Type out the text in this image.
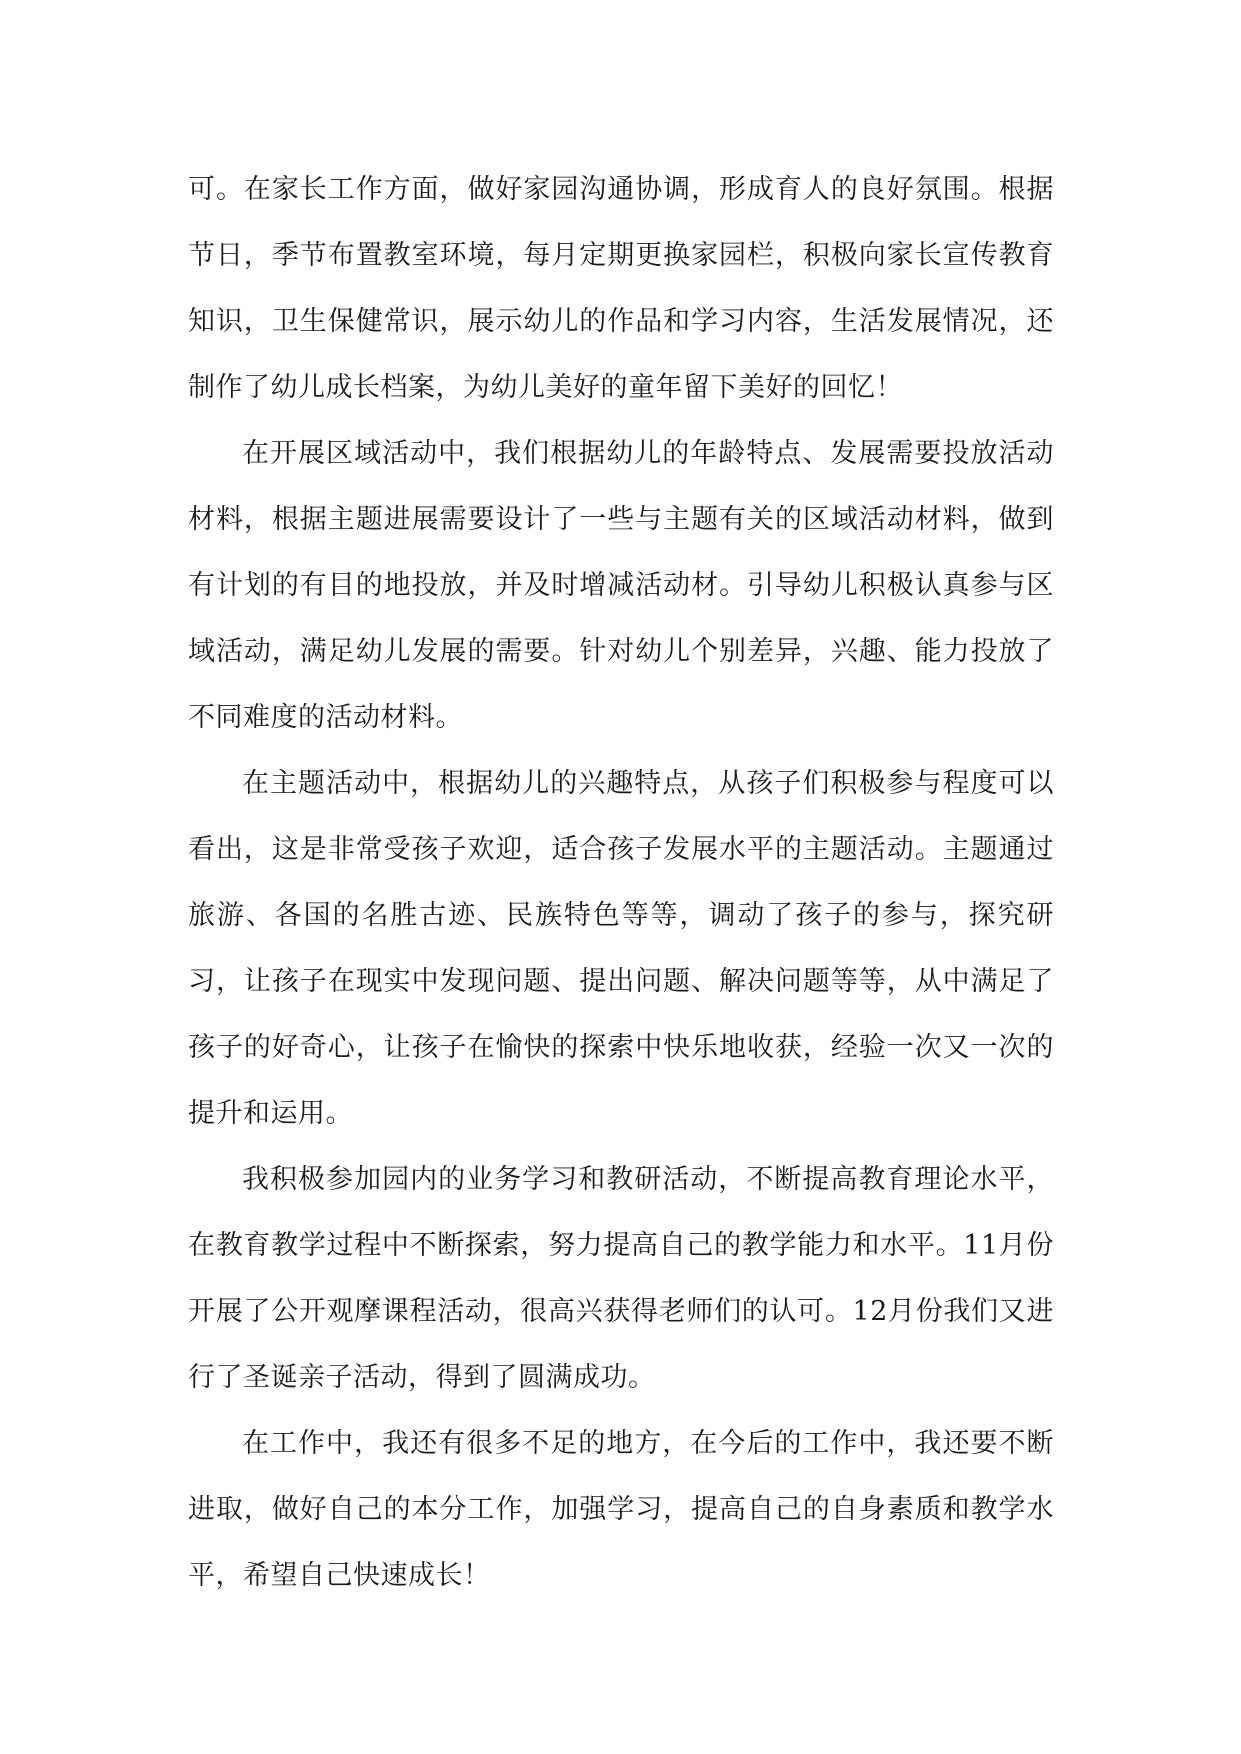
可。在家长工作方面，做好家园沟通协调，形成育人的良好氛围。根据节日，季节布置教室环境，每月定期更换家园栏，积极向家长宣传教育知识，卫生保健常识，展示幼儿的作品和学习内容，生活发展情况，还制作了幼儿成长档案，为幼儿美好的童年留下美好的回忆！

在开展区域活动中，我们根据幼儿的年龄特点、发展需要投放活动材料，根据主题进展需要设计了一些与主题有关的区域活动材料，做到有计划的有目的地投放，并及时增减活动材。引导幼儿积极认真参与区域活动，满足幼儿发展的需要。针对幼儿个别差异，兴趣、能力投放了不同难度的活动材料。

在主题活动中，根据幼儿的兴趣特点，从孩子们积极参与程度可以看出，这是非常受孩子欢迎，适合孩子发展水平的主题活动。主题通过旅游、各国的名胜古迹、民族特色等等，调动了孩子的参与，探究研习，让孩子在现实中发现问题、提出问题、解决问题等等，从中满足了孩子的好奇心，让孩子在愉快的探索中快乐地收获，经验一次又一次的提升和运用。

我积极参加园内的业务学习和教研活动，不断提高教育理论水平，在教育教学过程中不断探索，努力提高自己的教学能力和水平。11月份开展了公开观摩课程活动，很高兴获得老师们的认可。12月份我们又进行了圣诞亲子活动，得到了圆满成功。

在工作中，我还有很多不足的地方，在今后的工作中，我还要不断进取，做好自己的本分工作，加强学习，提高自己的自身素质和教学水平，希望自己快速成长！
